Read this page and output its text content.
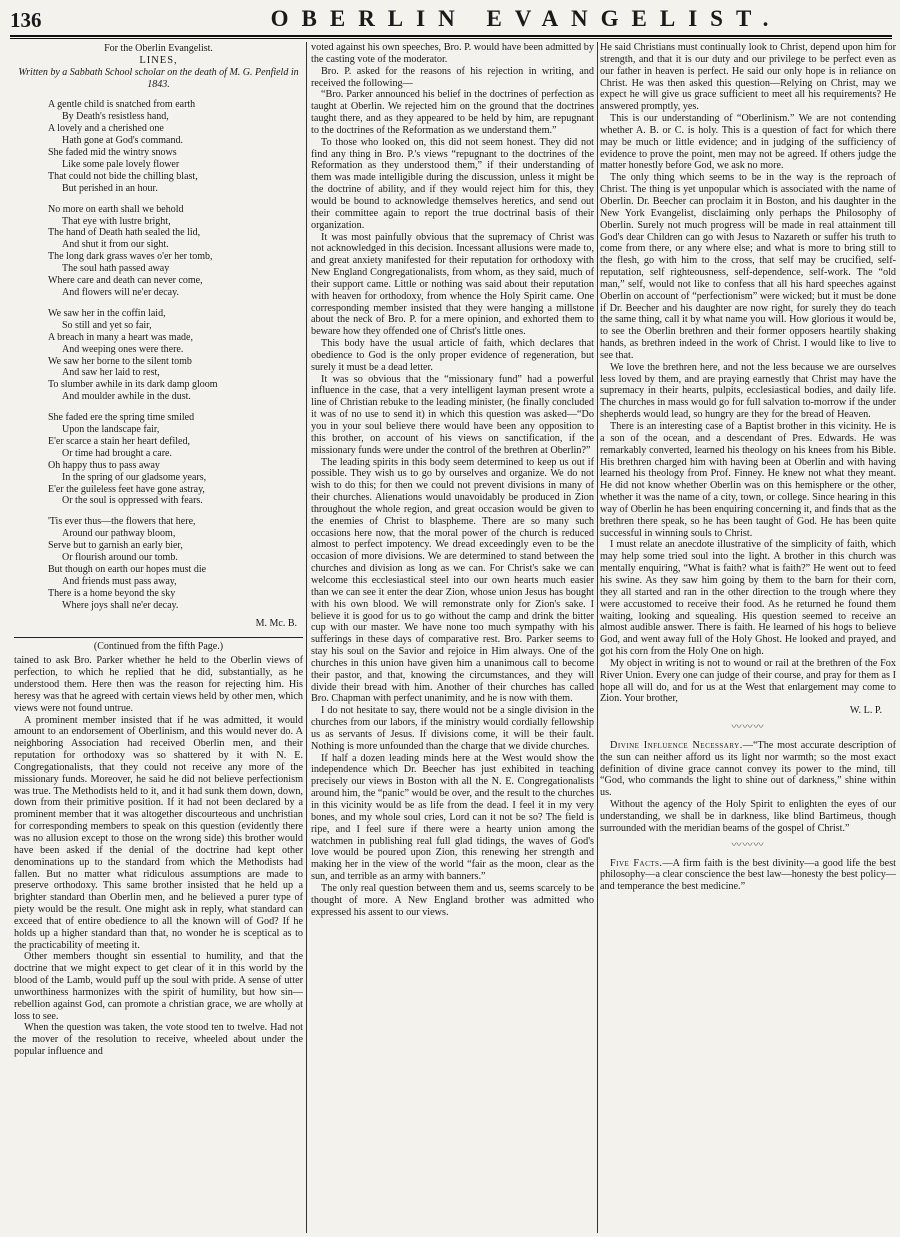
136	OBERLIN EVANGELIST.
For the Oberlin Evangelist.
LINES,
Written by a Sabbath School scholar on the death of M. G. Penfield in 1843.
A gentle child is snatched from earth
By Death's resistless hand,
A lovely and a cherished one
Hath gone at God's command.
She faded mid the wintry snows
Like some pale lovely flower
That could not bide the chilling blast,
But perished in an hour.
No more on earth shall we behold
That eye with lustre bright,
The hand of Death hath sealed the lid,
And shut it from our sight.
The long dark grass waves o'er her tomb,
The soul hath passed away
Where care and death can never come,
And flowers will ne'er decay.
We saw her in the coffin laid,
So still and yet so fair,
A breach in many a heart was made,
And weeping ones were there.
We saw her borne to the silent tomb
And saw her laid to rest,
To slumber awhile in its dark damp gloom
And moulder awhile in the dust.
She faded ere the spring time smiled
Upon the landscape fair,
E'er scarce a stain her heart defiled,
Or time had brought a care.
Oh happy thus to pass away
In the spring of our gladsome years,
E'er the guileless feet have gone astray,
Or the soul is oppressed with fears.
'Tis ever thus—the flowers that here,
Around our pathway bloom,
Serve but to garnish an early bier,
Or flourish around our tomb.
But though on earth our hopes must die
And friends must pass away,
There is a home beyond the sky
Where joys shall ne'er decay.
M. Mc. B.
(Continued from the fifth Page.)

tained to ask Bro. Parker whether he held to the Oberlin views of perfection, to which he replied that he did, substantially, as he understood them. Here then was the reason for rejecting him. His heresy was that he agreed with certain views held by other men, which views were not found untrue.

A prominent member insisted that if he was admitted, it would amount to an endorsement of Oberlinism, and this would never do. A neighboring Association had received Oberlin men, and their reputation for orthodoxy was so shattered by it with N. E. Congregationalists, that they could not receive any more of the missionary funds. Moreover, he said he did not believe perfectionism was true. The Methodists held to it, and it had sunk them down, down, down from their primitive position. If it had not been declared by a prominent member that it was altogether discourteous and unchristian for corresponding members to speak on this question (evidently there was no allusion except to those on the wrong side) this brother would have been asked if the denial of the doctrine had kept other denominations up to the standard from which the Methodists had fallen. But no matter what ridiculous assumptions are made to preserve orthodoxy. This same brother insisted that he held up a brighter standard than Oberlin men, and he believed a purer type of piety would be the result. One might ask in reply, what standard can exceed that of entire obedience to all the known will of God? If he holds up a higher standard than that, no wonder he is sceptical as to the practicability of meeting it.

Other members thought sin essential to humility, and that the doctrine that we might expect to get clear of it in this world by the blood of the Lamb, would puff up the soul with pride. A sense of utter unworthiness harmonizes with the spirit of humility, but how sin—rebellion against God, can promote a christian grace, we are wholly at loss to see.

When the question was taken, the vote stood ten to twelve. Had not the mover of the resolution to receive, wheeled about under the popular influence and

voted against his own speeches, Bro. P. would have been admitted by the casting vote of the moderator.

Bro. P. asked for the reasons of his rejection in writing, and received the following—

“Bro. Parker announced his belief in the doctrines of perfection as taught at Oberlin. We rejected him on the ground that the doctrines taught there, and as they appeared to be held by him, are repugnant to the doctrines of the Reformation as we understand them.”

To those who looked on, this did not seem honest. They did not find any thing in Bro. P.'s views “repugnant to the doctrines of the Reformation as they understood them,” if their understanding of them was made intelligible during the discussion, unless it might be the doctrine of ability, and if they would reject him for this, they would be bound to acknowledge themselves heretics, and send out their committee again to report the true doctrinal basis of their organization.

It was most painfully obvious that the supremacy of Christ was not acknowledged in this decision. Incessant allusions were made to, and great anxiety manifested for their reputation for orthodoxy with New England Congregationalists, from whom, as they said, much of their support came. Little or nothing was said about their reputation with heaven for orthodoxy, from whence the Holy Spirit came. One corresponding member insisted that they were hanging a millstone about the neck of Bro. P. for a mere opinion, and exhorted them to beware how they offended one of Christ's little ones.

This body have the usual article of faith, which declares that obedience to God is the only proper evidence of regeneration, but surely it must be a dead letter.

It was so obvious that the “missionary fund” had a powerful influence in the case, that a very intelligent layman present wrote a line of Christian rebuke to the leading minister, (he finally concluded it was of no use to send it) in which this question was asked—“Do you in your soul believe there would have been any opposition to this brother, on account of his views on sanctification, if the missionary funds were under the control of the brethren at Oberlin?”

The leading spirits in this body seem determined to keep us out if possible. They wish us to go by ourselves and organize. We do not wish to do this; for then we could not prevent divisions in many of their churches. Alienations would unavoidably be produced in Zion throughout the whole region, and great occasion would be given to the enemies of Christ to blaspheme. There are so many such occasions here now, that the moral power of the church is reduced almost to perfect impotency. We dread exceedingly even to be the occasion of more divisions. We are determined to stand between the churches and division as long as we can. For Christ's sake we can welcome this ecclesiastical steel into our own hearts much easier than we can see it enter the dear Zion, whose union Jesus has bought with his own blood. We will remonstrate only for Zion's sake. I believe it is good for us to go without the camp and drink the bitter cup with our master. We have none too much sympathy with his sufferings in these days of comparative rest. Bro. Parker seems to stay his soul on the Savior and rejoice in Him always. One of the churches in this union have given him a unanimous call to become their pastor, and that, knowing the circumstances, and they will divide their bread with him. Another of their churches has called Bro. Chapman with perfect unanimity, and he is now with them.

I do not hesitate to say, there would not be a single division in the churches from our labors, if the ministry would cordially fellowship us as servants of Jesus. If divisions come, it will be their fault. Nothing is more unfounded than the charge that we divide churches.

If half a dozen leading minds here at the West would show the independence which Dr. Beecher has just exhibited in teaching precisely our views in Boston with all the N. E. Congregationalists around him, the “panic” would be over, and the result to the churches in this vicinity would be as life from the dead. I feel it in my very bones, and my whole soul cries, Lord can it not be so? The field is ripe, and I feel sure if there were a hearty union among the watchmen in publishing real full glad tidings, the waves of God's love would be poured upon Zion, this renewing her strength and making her in the view of the world “fair as the moon, clear as the sun, and terrible as an army with banners.”

The only real question between them and us, seems scarcely to be thought of more. A New England brother was admitted who expressed his assent to our views.

He said Christians must continually look to Christ, depend upon him for strength, and that it is our duty and our privilege to be perfect even as our father in heaven is perfect. He said our only hope is in reliance on Christ. He was then asked this question—Relying on Christ, may we expect he will give us grace sufficient to meet all his requirements? He answered promptly, yes.

This is our understanding of “Oberlinism.” We are not contending whether A. B. or C. is holy. This is a question of fact for which there may be much or little evidence; and in judging of the sufficiency of evidence to prove the point, men may not be agreed. If others judge the matter honestly before God, we ask no more.

The only thing which seems to be in the way is the reproach of Christ. The thing is yet unpopular which is associated with the name of Oberlin. Dr. Beecher can proclaim it in Boston, and his daughter in the New York Evangelist, disclaiming only perhaps the Philosophy of Oberlin. Surely not much progress will be made in real attainment till God's dear Children can go with Jesus to Nazareth or suffer his truth to come from there, or any where else; and what is more to bring still to the flesh, go with him to the cross, that self may be crucified, self-reputation, self righteousness, self-dependence, self-work. The “old man,” self, would not like to confess that all his hard speeches against Oberlin on account of “perfectionism” were wicked; but it must be done if Dr. Beecher and his daughter are now right, for surely they do teach the same thing, call it by what name you will. How glorious it would be, to see the Oberlin brethren and their former opposers heartily shaking hands, as brethren indeed in the work of Christ. I would like to live to see that.

We love the brethren here, and not the less because we are ourselves less loved by them, and are praying earnestly that Christ may have the supremacy in their hearts, pulpits, ecclesiastical bodies, and daily life. The churches in mass would go for full salvation to-morrow if the under shepherds would lead, so hungry are they for the bread of Heaven.

There is an interesting case of a Baptist brother in this vicinity. He is a son of the ocean, and a descendant of Pres. Edwards. He was remarkably converted, learned his theology on his knees from his Bible. His brethren charged him with having been at Oberlin and with having learned his theology from Prof. Finney. He knew not what they meant. He did not know whether Oberlin was on this hemisphere or the other, whether it was the name of a city, town, or college. Since hearing in this way of Oberlin he has been enquiring concerning it, and finds that as the brethren there speak, so he has been taught of God. He has been quite successful in winning souls to Christ.

I must relate an anecdote illustrative of the simplicity of faith, which may help some tried soul into the light. A brother in this church was mentally enquiring, “What is faith? what is faith?” He went out to feed his swine. As they saw him going by them to the barn for their corn, they all started and ran in the other direction to the trough where they were accustomed to receive their food. As he returned he found them waiting, looking and squealing. His question seemed to receive an almost audible answer. There is faith. He learned of his hogs to believe God, and went away full of the Holy Ghost. He looked and prayed, and got his corn from the Holy One on high.

My object in writing is not to wound or rail at the brethren of the Fox River Union. Every one can judge of their course, and pray for them as I hope all will do, and for us at the West that enlargement may come to Zion. Your brother,

W. L. P.
〰〰〰

Divine Influence Necessary.—“The most accurate description of the sun can neither afford us its light nor warmth; so the most exact definition of divine grace cannot convey its power to the mind, till “God, who commands the light to shine out of darkness,” shine within us.

Without the agency of the Holy Spirit to enlighten the eyes of our understanding, we shall be in darkness, like blind Bartimeus, though surrounded with the meridian beams of the gospel of Christ.”

〰〰〰

Five Facts.—A firm faith is the best divinity—a good life the best philosophy—a clear conscience the best law—honesty the best policy—and temperance the best medicine.”
